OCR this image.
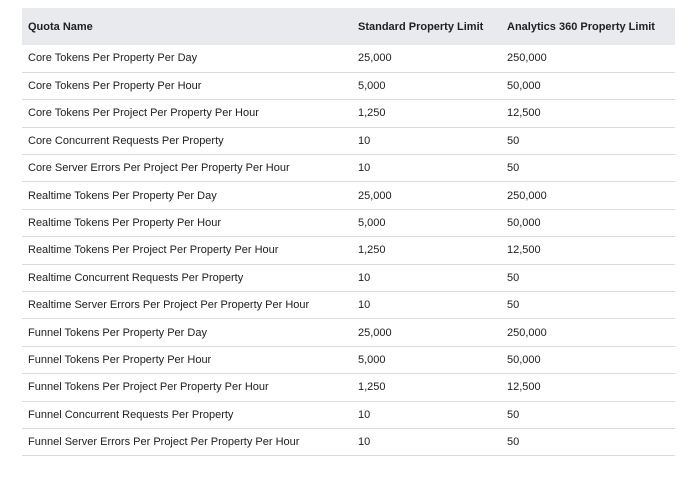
Quota Name	Standard Property Limit	Analytics 360 Property Limit
Core Tokens Per Property Per Day	25,000	250,000
Core Tokens Per Property Per Hour	5,000	50,000
Core Tokens Per Project Per Property Per Hour	1,250	12,500
Core Concurrent Requests Per Property	10	50
Core Server Errors Per Project Per Property Per Hour	10	50
Realtime Tokens Per Property Per Day	25,000	250,000
Realtime Tokens Per Property Per Hour	5,000	50,000
Realtime Tokens Per Project Per Property Per Hour	1,250	12,500
Realtime Concurrent Requests Per Property	10	50
Realtime Server Errors Per Project Per Property Per Hour	10	50
Funnel Tokens Per Property Per Day	25,000	250,000
Funnel Tokens Per Property Per Hour	5,000	50,000
Funnel Tokens Per Project Per Property Per Hour	1,250	12,500
Funnel Concurrent Requests Per Property	10	50
Funnel Server Errors Per Project Per Property Per Hour	10	50
